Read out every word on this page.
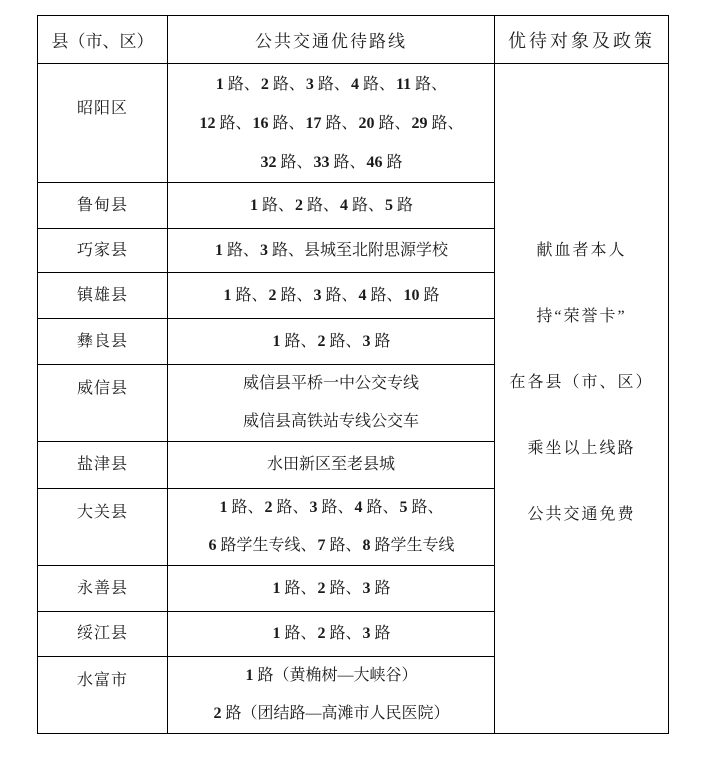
县（市、区）	公共交通优待路线	优待对象及政策
昭阳区	1 路、2 路、3 路、4 路、11 路、
12 路、16 路、17 路、20 路、29 路、
32 路、33 路、46 路	献血者本人
持“荣誉卡”
在各县（市、区）
乘坐以上线路
公共交通免费

鲁甸县	1 路、2 路、4 路、5 路	

巧家县	1 路、3 路、县城至北附思源学校	

镇雄县	1 路、2 路、3 路、4 路、10 路	

彝良县	1 路、2 路、3 路	

威信县	威信县平桥一中公交专线
威信县高铁站专线公交车	

盐津县	水田新区至老县城	

大关县	1 路、2 路、3 路、4 路、5 路、
6 路学生专线、7 路、8 路学生专线	

永善县	1 路、2 路、3 路	

绥江县	1 路、2 路、3 路	

水富市	1 路（黄桷树—大峡谷）
2 路（团结路—高滩市人民医院）	
